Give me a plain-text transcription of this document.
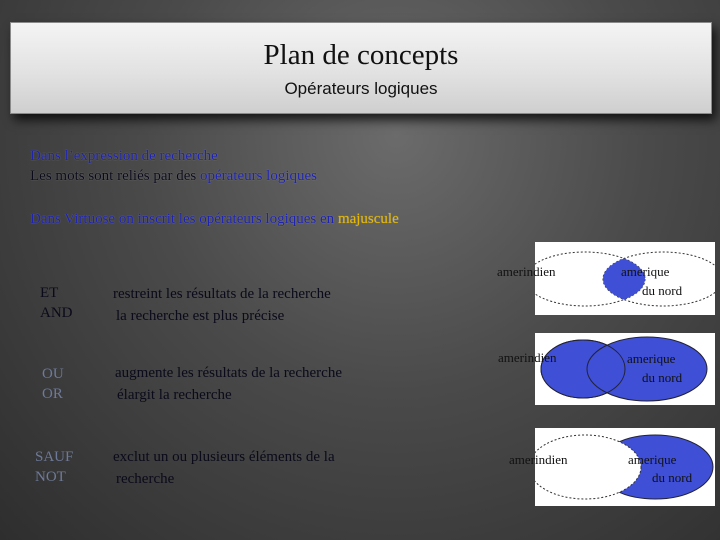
Plan de concepts
Opérateurs logiques
Dans l’expression de recherche
Les mots sont reliés par des opérateurs logiques
Dans Virtuose on inscrit les opérateurs logiques en majuscule
ET
AND
restreint les résultats de la recherche
la recherche est plus précise
OU
OR
augmente les résultats de la recherche
élargit la recherche
SAUF
NOT
exclut un ou plusieurs éléments de la
recherche
amerindien	amerique
du nord
amerindien	amerique
du nord
amerindien	amerique
du nord
